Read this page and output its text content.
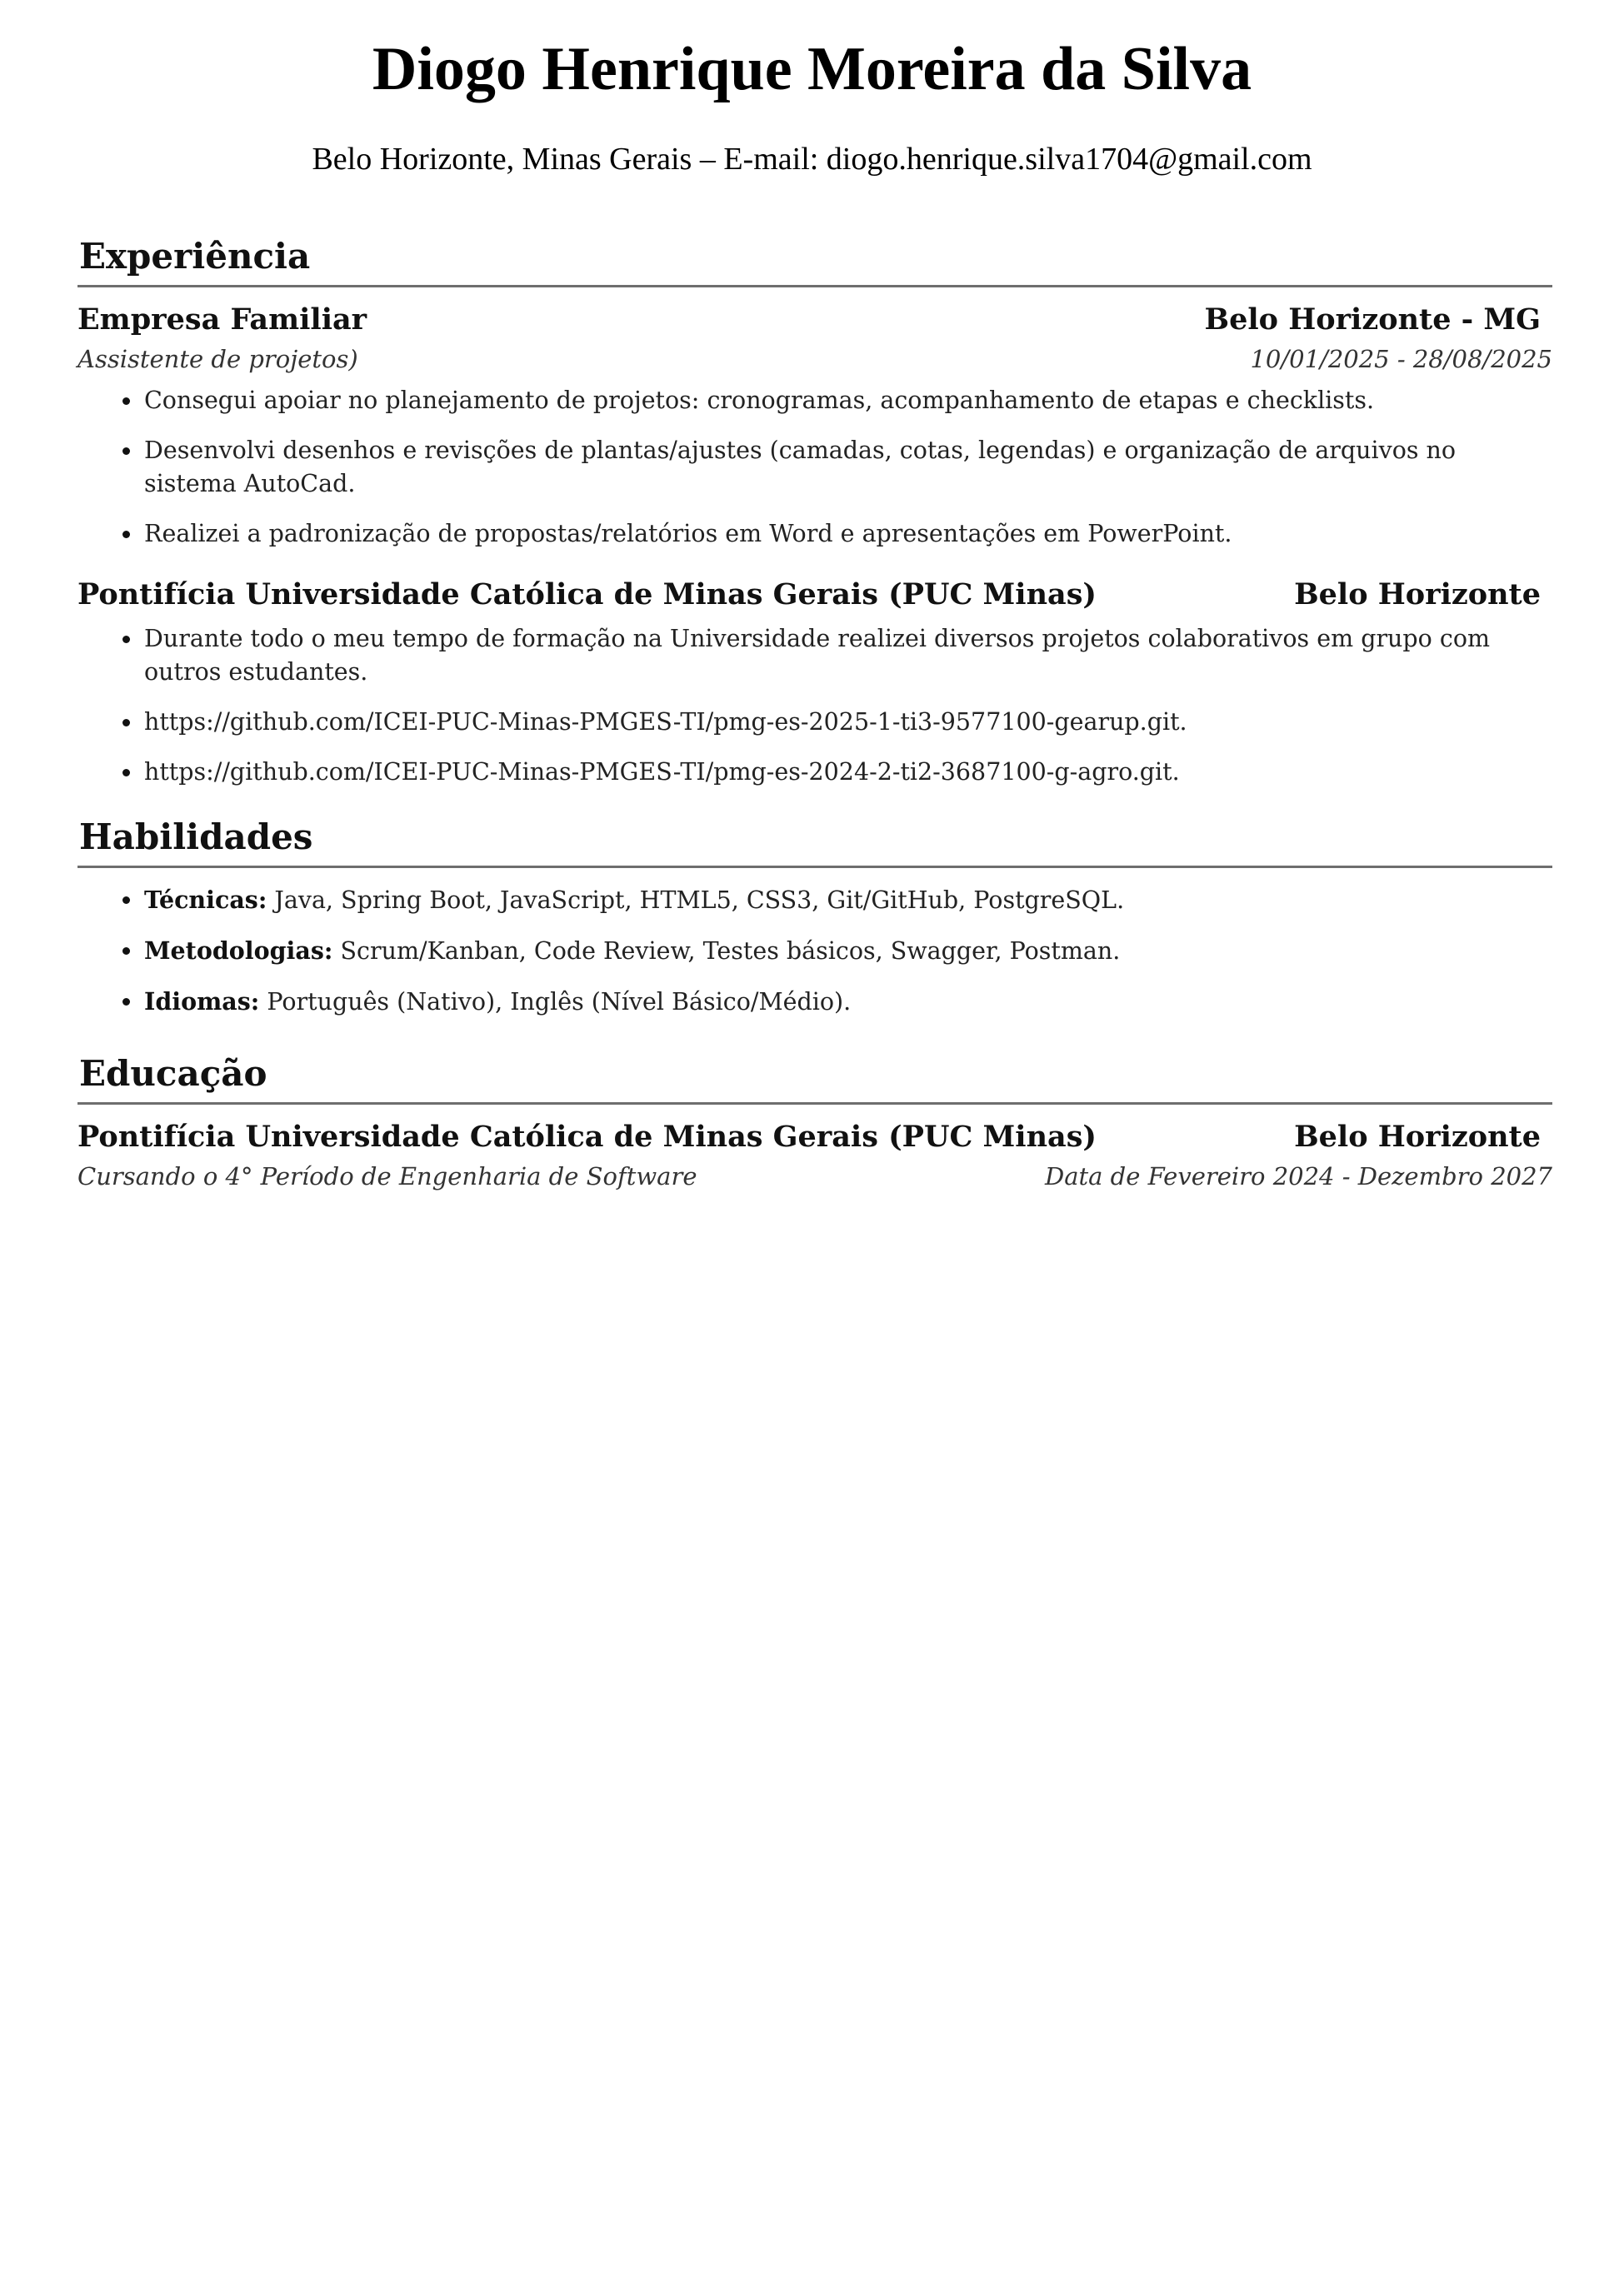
Diogo Henrique Moreira da Silva
Belo Horizonte, Minas Gerais – E-mail: diogo.henrique.silva1704@gmail.com
Experiência
Empresa Familiar	Belo Horizonte - MG
Assistente de projetos)	10/01/2025 - 28/08/2025
Consegui apoiar no planejamento de projetos: cronogramas, acompanhamento de etapas e checklists.
Desenvolvi desenhos e revisções de plantas/ajustes (camadas, cotas, legendas) e organização de arquivos no sistema AutoCad.
Realizei a padronização de propostas/relatórios em Word e apresentações em PowerPoint.
Pontifícia Universidade Católica de Minas Gerais (PUC Minas)	Belo Horizonte
Durante todo o meu tempo de formação na Universidade realizei diversos projetos colaborativos em grupo com outros estudantes.
https://github.com/ICEI-PUC-Minas-PMGES-TI/pmg-es-2025-1-ti3-9577100-gearup.git.
https://github.com/ICEI-PUC-Minas-PMGES-TI/pmg-es-2024-2-ti2-3687100-g-agro.git.
Habilidades
Técnicas: Java, Spring Boot, JavaScript, HTML5, CSS3, Git/GitHub, PostgreSQL.
Metodologias: Scrum/Kanban, Code Review, Testes básicos, Swagger, Postman.
Idiomas: Português (Nativo), Inglês (Nível Básico/Médio).
Educação
Pontifícia Universidade Católica de Minas Gerais (PUC Minas)	Belo Horizonte
Cursando o 4° Período de Engenharia de Software	Data de Fevereiro 2024 - Dezembro 2027
